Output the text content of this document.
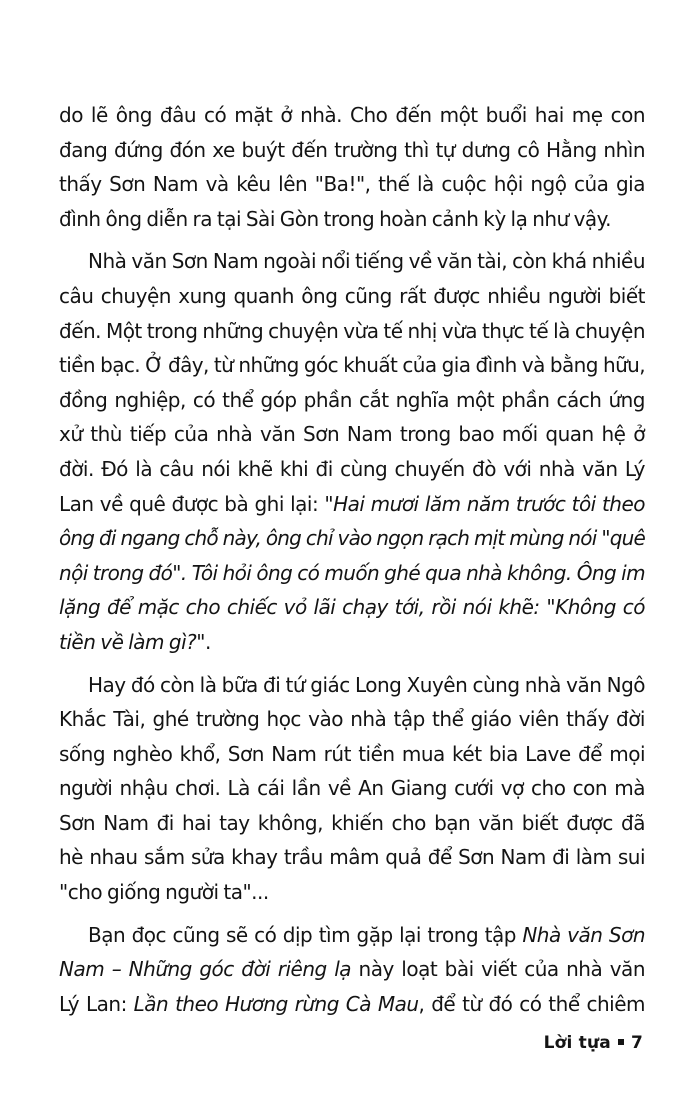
do lẽ ông đâu có mặt ở nhà. Cho đến một buổi hai mẹ con
đang đứng đón xe buýt đến trường thì tự dưng cô Hằng nhìn
thấy Sơn Nam và kêu lên "Ba!", thế là cuộc hội ngộ của gia
đình ông diễn ra tại Sài Gòn trong hoàn cảnh kỳ lạ như vậy.
Nhà văn Sơn Nam ngoài nổi tiếng về văn tài, còn khá nhiều
câu chuyện xung quanh ông cũng rất được nhiều người biết
đến. Một trong những chuyện vừa tế nhị vừa thực tế là chuyện
tiền bạc. Ở đây, từ những góc khuất của gia đình và bằng hữu,
đồng nghiệp, có thể góp phần cắt nghĩa một phần cách ứng
xử thù tiếp của nhà văn Sơn Nam trong bao mối quan hệ ở
đời. Đó là câu nói khẽ khi đi cùng chuyến đò với nhà văn Lý
Lan về quê được bà ghi lại: "Hai mươi lăm năm trước tôi theo
ông đi ngang chỗ này, ông chỉ vào ngọn rạch mịt mùng nói "quê
nội trong đó". Tôi hỏi ông có muốn ghé qua nhà không. Ông im
lặng để mặc cho chiếc vỏ lãi chạy tới, rồi nói khẽ: "Không có
tiền về làm gì?".
Hay đó còn là bữa đi tứ giác Long Xuyên cùng nhà văn Ngô
Khắc Tài, ghé trường học vào nhà tập thể giáo viên thấy đời
sống nghèo khổ, Sơn Nam rút tiền mua két bia Lave để mọi
người nhậu chơi. Là cái lần về An Giang cưới vợ cho con mà
Sơn Nam đi hai tay không, khiến cho bạn văn biết được đã
hè nhau sắm sửa khay trầu mâm quả để Sơn Nam đi làm sui
"cho giống người ta"...
Bạn đọc cũng sẽ có dịp tìm gặp lại trong tập Nhà văn Sơn
Nam – Những góc đời riêng lạ này loạt bài viết của nhà văn
Lý Lan: Lần theo Hương rừng Cà Mau, để từ đó có thể chiêm
Lời tựa 7
